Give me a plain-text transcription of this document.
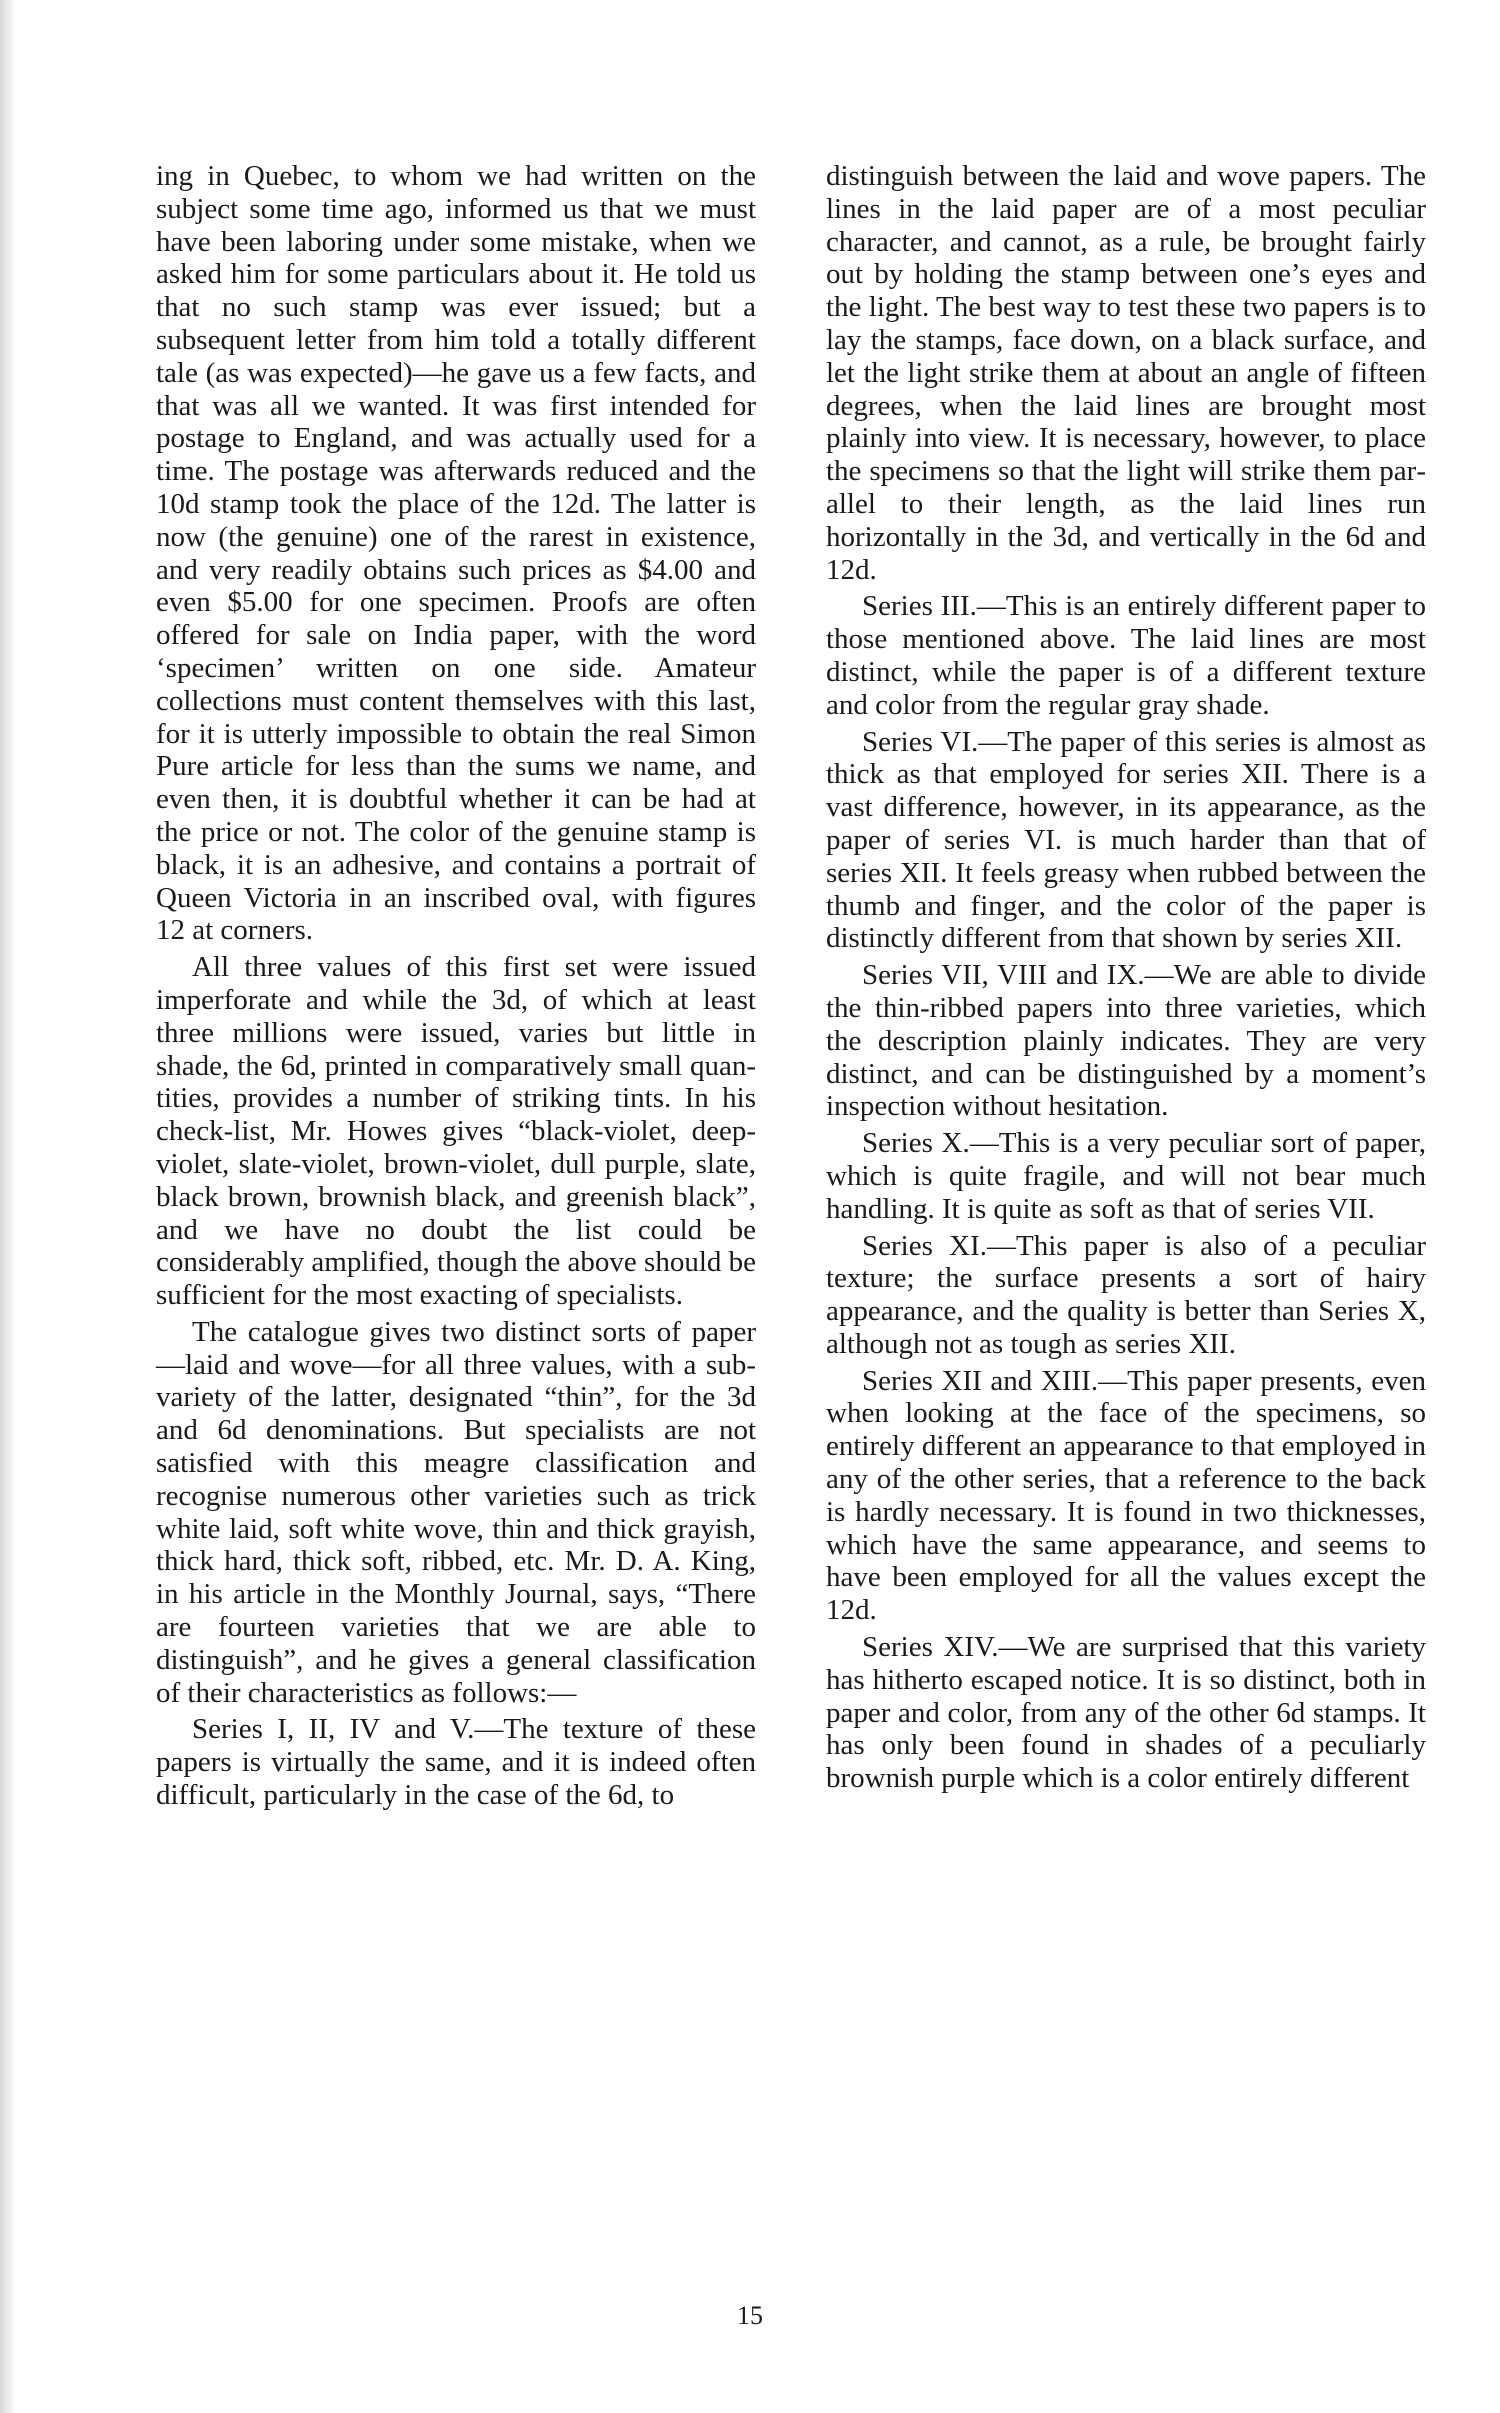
ing in Quebec, to whom we had written on the subject some time ago, informed us that we must have been laboring under some mistake, when we asked him for some particulars about it. He told us that no such stamp was ever issued; but a subsequent letter from him told a totally different tale (as was expected)—he gave us a few facts, and that was all we wanted. It was first intended for postage to England, and was actually used for a time. The postage was afterwards reduced and the 10d stamp took the place of the 12d. The latter is now (the genuine) one of the rarest in existence, and very readily obtains such prices as $4.00 and even $5.00 for one specimen. Proofs are often offered for sale on India paper, with the word ‘specimen’ written on one side. Amateur collections must content themselves with this last, for it is utterly impossible to obtain the real Simon Pure article for less than the sums we name, and even then, it is doubtful whether it can be had at the price or not. The color of the genuine stamp is black, it is an adhesive, and contains a portrait of Queen Victoria in an inscribed oval, with figures 12 at corners.

All three values of this first set were issued imperforate and while the 3d, of which at least three millions were issued, varies but little in shade, the 6d, printed in comparatively small quantities, provides a number of striking tints. In his check-list, Mr. Howes gives “black-violet, deep-violet, slate-violet, brown-violet, dull purple, slate, black brown, brownish black, and greenish black”, and we have no doubt the list could be considerably amplified, though the above should be sufficient for the most exacting of specialists.

The catalogue gives two distinct sorts of paper—laid and wove—for all three values, with a sub-variety of the latter, designated “thin”, for the 3d and 6d denominations. But specialists are not satisfied with this meagre classification and recognise numerous other varieties such as trick white laid, soft white wove, thin and thick grayish, thick hard, thick soft, ribbed, etc. Mr. D. A. King, in his article in the Monthly Journal, says, “There are fourteen varieties that we are able to distinguish”, and he gives a general classification of their characteristics as follows:—

Series I, II, IV and V.—The texture of these papers is virtually the same, and it is indeed often difficult, particularly in the case of the 6d, to

distinguish between the laid and wove papers. The lines in the laid paper are of a most peculiar character, and cannot, as a rule, be brought fairly out by holding the stamp between one’s eyes and the light. The best way to test these two papers is to lay the stamps, face down, on a black surface, and let the light strike them at about an angle of fifteen degrees, when the laid lines are brought most plainly into view. It is necessary, however, to place the specimens so that the light will strike them parallel to their length, as the laid lines run horizontally in the 3d, and vertically in the 6d and 12d.

Series III.—This is an entirely different paper to those mentioned above. The laid lines are most distinct, while the paper is of a different texture and color from the regular gray shade.

Series VI.—The paper of this series is almost as thick as that employed for series XII. There is a vast difference, however, in its appearance, as the paper of series VI. is much harder than that of series XII. It feels greasy when rubbed between the thumb and finger, and the color of the paper is distinctly different from that shown by series XII.

Series VII, VIII and IX.—We are able to divide the thin-ribbed papers into three varieties, which the description plainly indicates. They are very distinct, and can be distinguished by a moment’s inspection without hesitation.

Series X.—This is a very peculiar sort of paper, which is quite fragile, and will not bear much handling. It is quite as soft as that of series VII.

Series XI.—This paper is also of a peculiar texture; the surface presents a sort of hairy appearance, and the quality is better than Series X, although not as tough as series XII.

Series XII and XIII.—This paper presents, even when looking at the face of the specimens, so entirely different an appearance to that employed in any of the other series, that a reference to the back is hardly necessary. It is found in two thicknesses, which have the same appearance, and seems to have been employed for all the values except the 12d.

Series XIV.—We are surprised that this variety has hitherto escaped notice. It is so distinct, both in paper and color, from any of the other 6d stamps. It has only been found in shades of a peculiarly brownish purple which is a color entirely different

15
